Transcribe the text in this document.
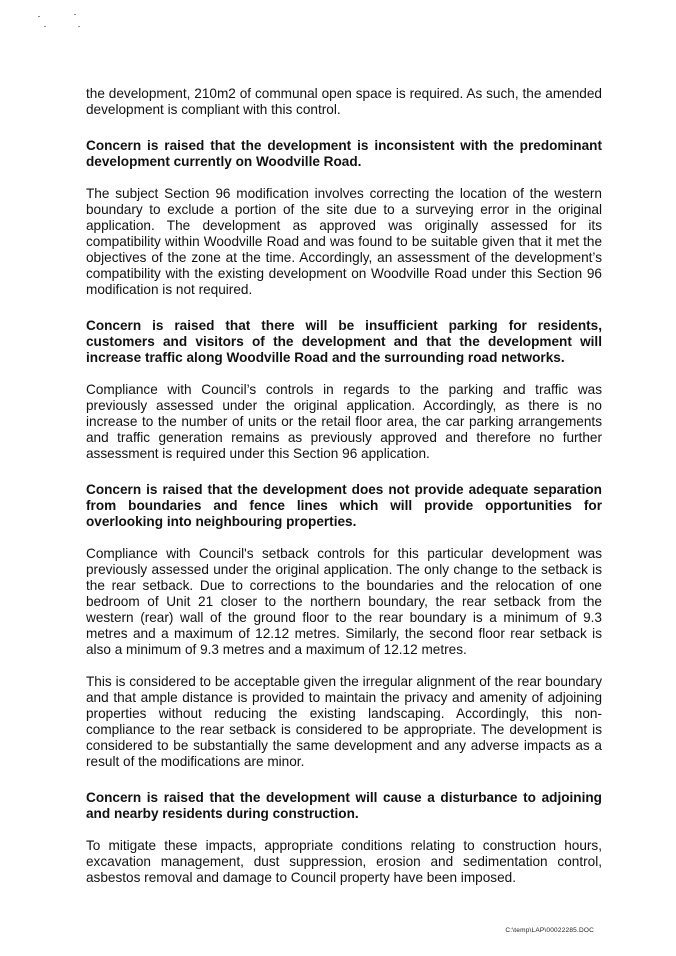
the development, 210m2 of communal open space is required. As such, the amended development is compliant with this control.

Concern is raised that the development is inconsistent with the predominant development currently on Woodville Road.

The subject Section 96 modification involves correcting the location of the western boundary to exclude a portion of the site due to a surveying error in the original application. The development as approved was originally assessed for its compatibility within Woodville Road and was found to be suitable given that it met the objectives of the zone at the time. Accordingly, an assessment of the development’s compatibility with the existing development on Woodville Road under this Section 96 modification is not required.

Concern is raised that there will be insufficient parking for residents, customers and visitors of the development and that the development will increase traffic along Woodville Road and the surrounding road networks.

Compliance with Council’s controls in regards to the parking and traffic was previously assessed under the original application. Accordingly, as there is no increase to the number of units or the retail floor area, the car parking arrangements and traffic generation remains as previously approved and therefore no further assessment is required under this Section 96 application.

Concern is raised that the development does not provide adequate separation from boundaries and fence lines which will provide opportunities for overlooking into neighbouring properties.

Compliance with Council's setback controls for this particular development was previously assessed under the original application. The only change to the setback is the rear setback. Due to corrections to the boundaries and the relocation of one bedroom of Unit 21 closer to the northern boundary, the rear setback from the western (rear) wall of the ground floor to the rear boundary is a minimum of 9.3 metres and a maximum of 12.12 metres. Similarly, the second floor rear setback is also a minimum of 9.3 metres and a maximum of 12.12 metres.

This is considered to be acceptable given the irregular alignment of the rear boundary and that ample distance is provided to maintain the privacy and amenity of adjoining properties without reducing the existing landscaping. Accordingly, this non-compliance to the rear setback is considered to be appropriate. The development is considered to be substantially the same development and any adverse impacts as a result of the modifications are minor.

Concern is raised that the development will cause a disturbance to adjoining and nearby residents during construction.

To mitigate these impacts, appropriate conditions relating to construction hours, excavation management, dust suppression, erosion and sedimentation control, asbestos removal and damage to Council property have been imposed.

C:\temp\LAP\00022285.DOC
